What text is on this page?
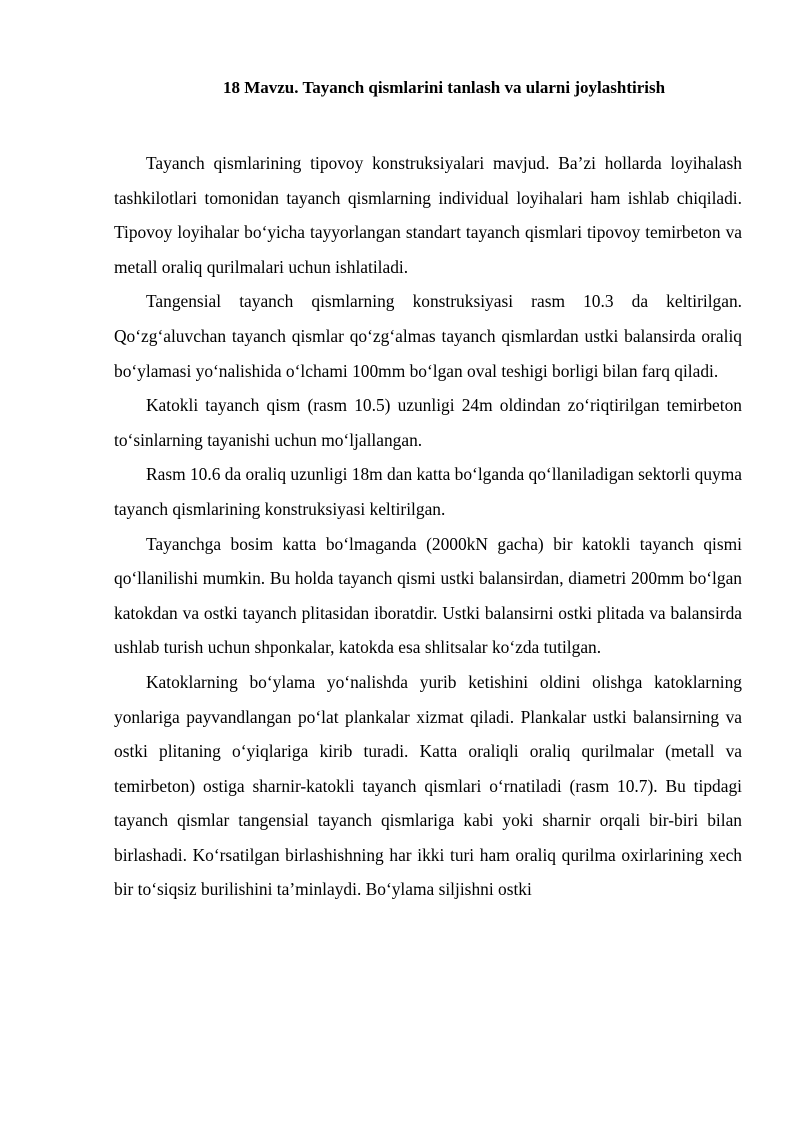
18 Mavzu. Tayanch qismlarini tanlash va ularni joylashtirish

Tayanch qismlarining tipovoy konstruksiyalari mavjud. Ba’zi hollarda loyihalash tashkilotlari tomonidan tayanch qismlarning individual loyihalari ham ishlab chiqiladi. Tipovoy loyihalar bo‘yicha tayyorlangan standart tayanch qismlari tipovoy temirbeton va metall oraliq qurilmalari uchun ishlatiladi.

Tangensial tayanch qismlarning konstruksiyasi rasm 10.3 da keltirilgan. Qo‘zg‘aluvchan tayanch qismlar qo‘zg‘almas tayanch qismlardan ustki balansirda oraliq bo‘ylamasi yo‘nalishida o‘lchami 100mm bo‘lgan oval teshigi borligi bilan farq qiladi.

Katokli tayanch qism (rasm 10.5) uzunligi 24m oldindan zo‘riqtirilgan temirbeton to‘sinlarning tayanishi uchun mo‘ljallangan.

Rasm 10.6 da oraliq uzunligi 18m dan katta bo‘lganda qo‘llaniladigan sektorli quyma tayanch qismlarining konstruksiyasi keltirilgan.

Tayanchga bosim katta bo‘lmaganda (2000kN gacha) bir katokli tayanch qismi qo‘llanilishi mumkin. Bu holda tayanch qismi ustki balansirdan, diametri 200mm bo‘lgan katokdan va ostki tayanch plitasidan iboratdir. Ustki balansirni ostki plitada va balansirda ushlab turish uchun shponkalar, katokda esa shlitsalar ko‘zda tutilgan.

Katoklarning bo‘ylama yo‘nalishda yurib ketishini oldini olishga katoklarning yonlariga payvandlangan po‘lat plankalar xizmat qiladi. Plankalar ustki balansirning va ostki plitaning o‘yiqlariga kirib turadi. Katta oraliqli oraliq qurilmalar (metall va temirbeton) ostiga sharnir-katokli tayanch qismlari o‘rnatiladi (rasm 10.7). Bu tipdagi tayanch qismlar tangensial tayanch qismlariga kabi yoki sharnir orqali bir-biri bilan birlashadi. Ko‘rsatilgan birlashishning har ikki turi ham oraliq qurilma oxirlarining xech bir to‘siqsiz burilishini ta’minlaydi. Bo‘ylama siljishni ostki
